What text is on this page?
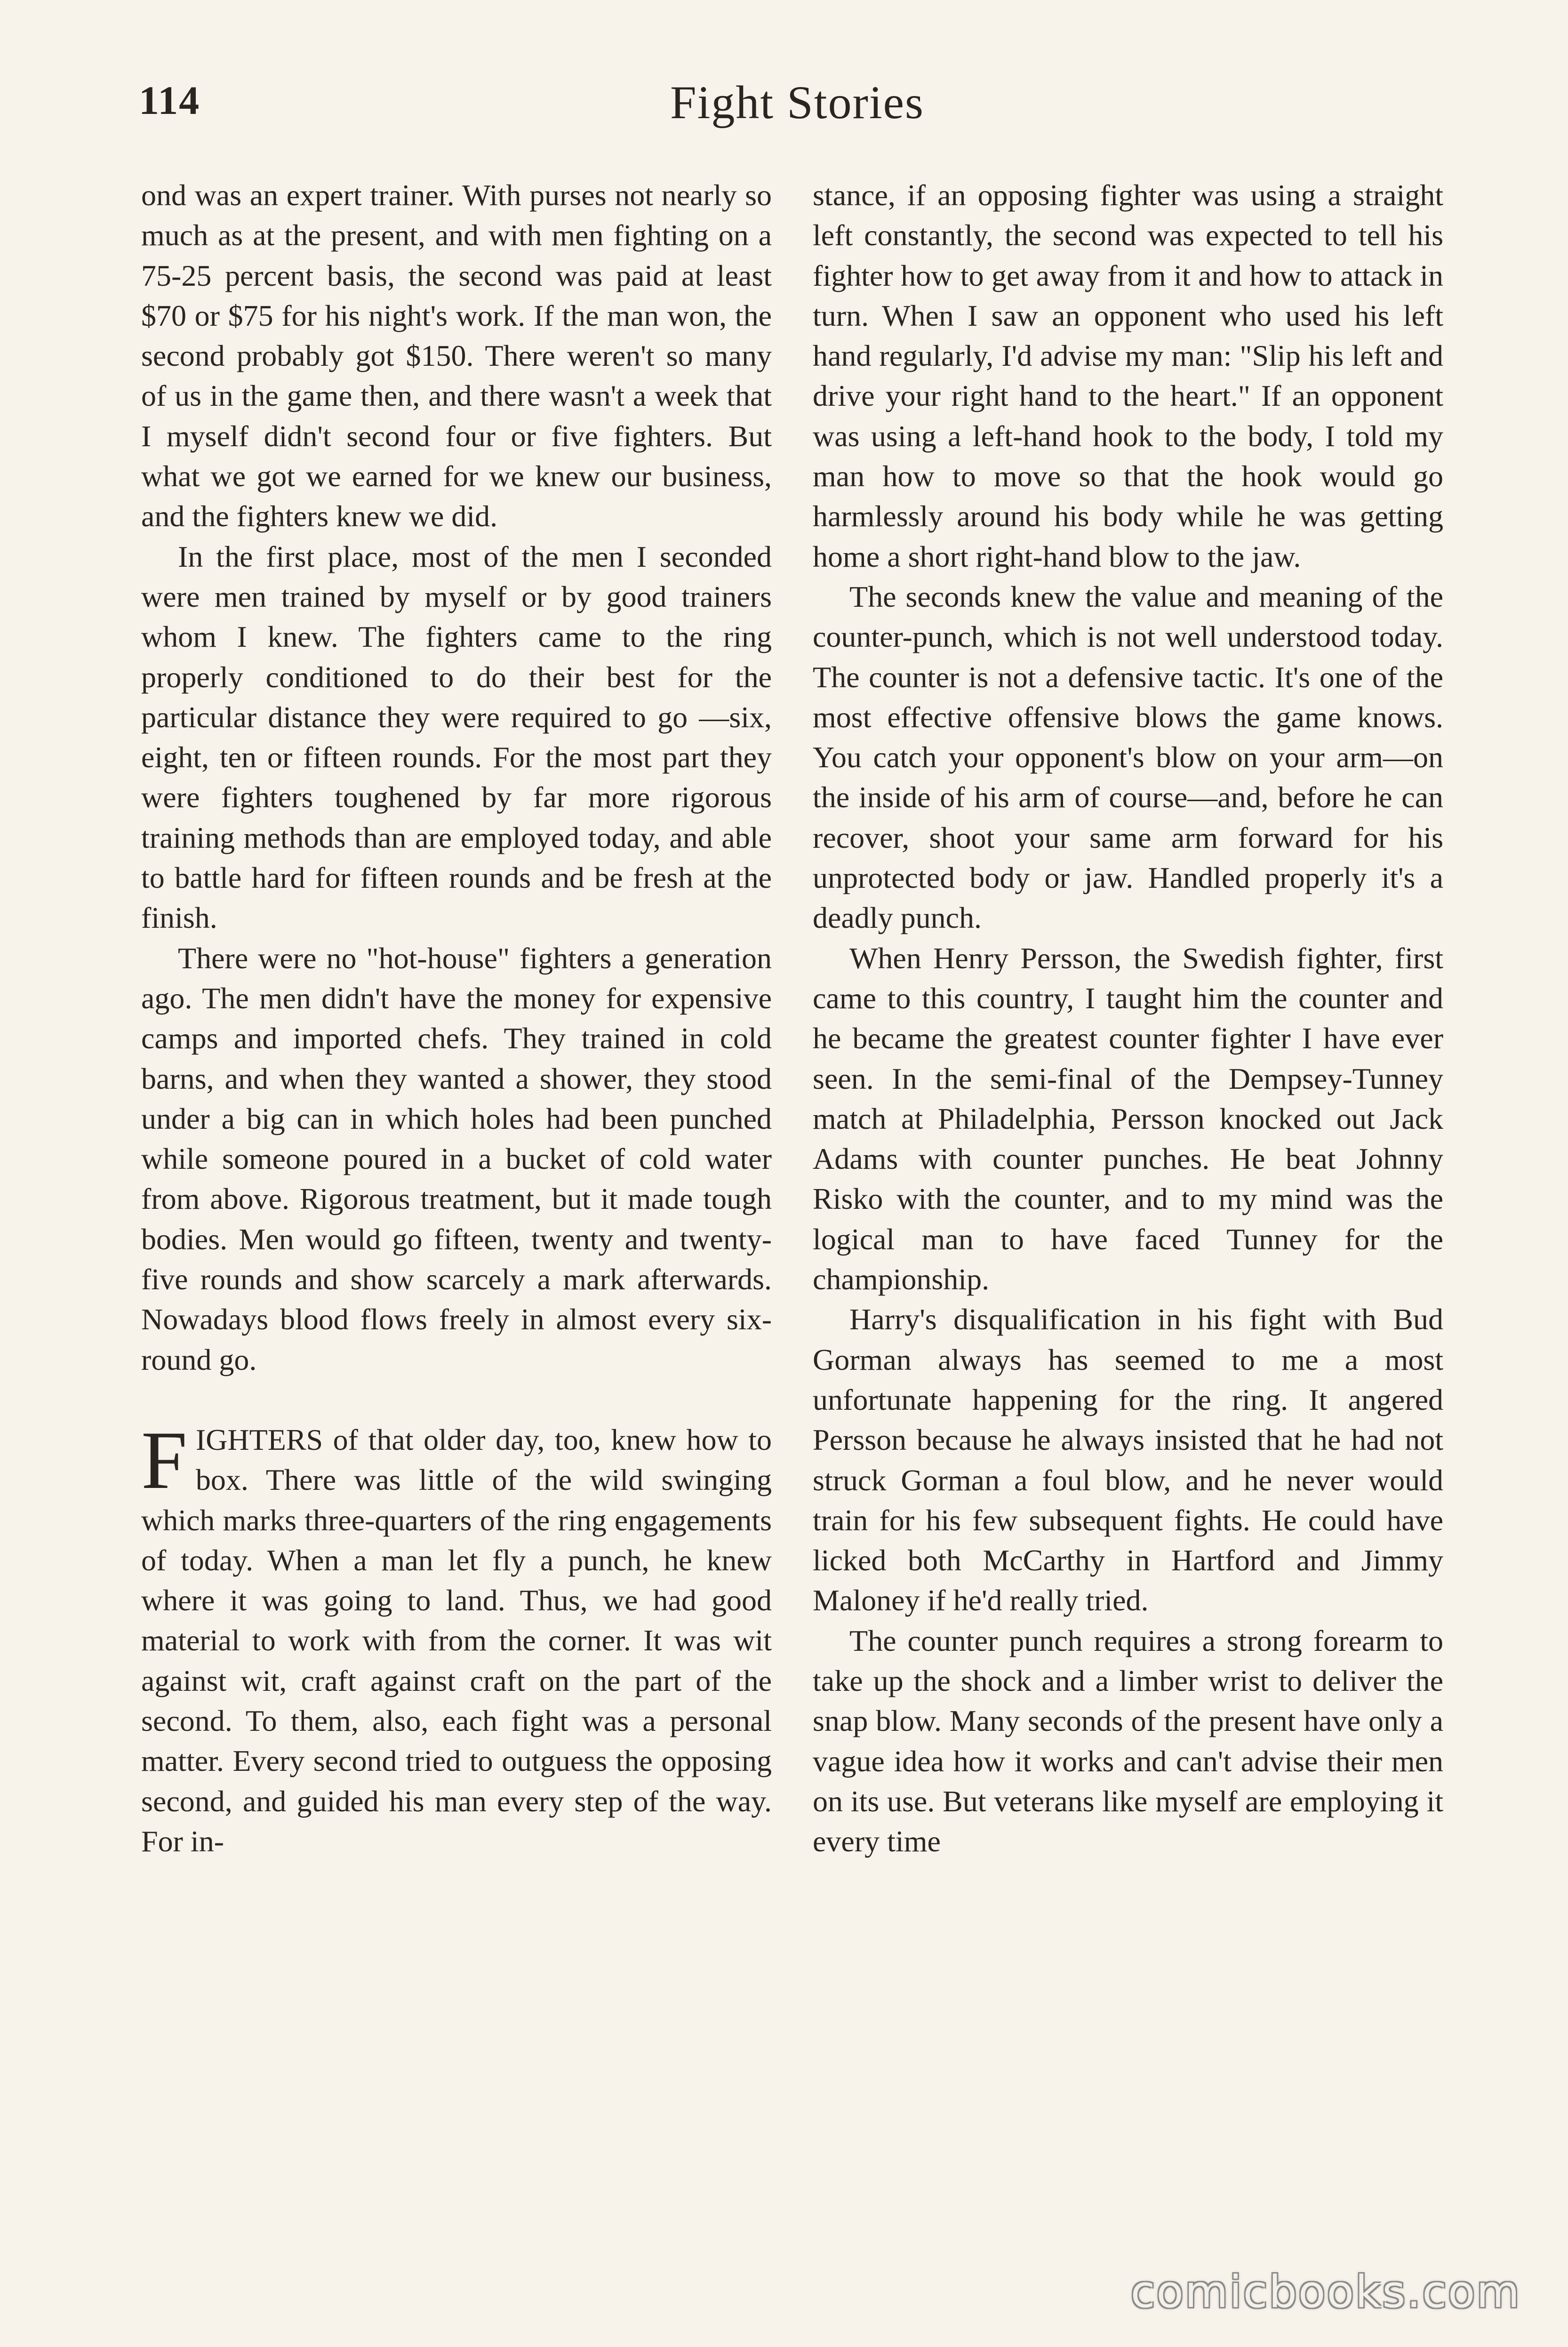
114	Fight Stories

ond was an expert trainer. With purses not nearly so much as at the present, and with men fighting on a 75-25 percent basis, the second was paid at least $70 or $75 for his night's work. If the man won, the second probably got $150. There weren't so many of us in the game then, and there wasn't a week that I myself didn't second four or five fighters. But what we got we earned for we knew our business, and the fighters knew we did.

In the first place, most of the men I seconded were men trained by myself or by good trainers whom I knew. The fighters came to the ring properly conditioned to do their best for the particular distance they were required to go —six, eight, ten or fifteen rounds. For the most part they were fighters toughened by far more rigorous training methods than are employed today, and able to battle hard for fifteen rounds and be fresh at the finish.

There were no "hot-house" fighters a generation ago. The men didn't have the money for expensive camps and imported chefs. They trained in cold barns, and when they wanted a shower, they stood under a big can in which holes had been punched while someone poured in a bucket of cold water from above. Rigorous treatment, but it made tough bodies. Men would go fifteen, twenty and twenty-five rounds and show scarcely a mark afterwards. Nowadays blood flows freely in almost every six-round go.

FIGHTERS of that older day, too, knew how to box. There was little of the wild swinging which marks three-quarters of the ring engagements of today. When a man let fly a punch, he knew where it was going to land. Thus, we had good material to work with from the corner. It was wit against wit, craft against craft on the part of the second. To them, also, each fight was a personal matter. Every second tried to outguess the opposing second, and guided his man every step of the way. For in-

stance, if an opposing fighter was using a straight left constantly, the second was expected to tell his fighter how to get away from it and how to attack in turn. When I saw an opponent who used his left hand regularly, I'd advise my man: "Slip his left and drive your right hand to the heart." If an opponent was using a left-hand hook to the body, I told my man how to move so that the hook would go harmlessly around his body while he was getting home a short right-hand blow to the jaw.

The seconds knew the value and meaning of the counter-punch, which is not well understood today. The counter is not a defensive tactic. It's one of the most effective offensive blows the game knows. You catch your opponent's blow on your arm—on the inside of his arm of course—and, before he can recover, shoot your same arm forward for his unprotected body or jaw. Handled properly it's a deadly punch.

When Henry Persson, the Swedish fighter, first came to this country, I taught him the counter and he became the greatest counter fighter I have ever seen. In the semi-final of the Dempsey-Tunney match at Philadelphia, Persson knocked out Jack Adams with counter punches. He beat Johnny Risko with the counter, and to my mind was the logical man to have faced Tunney for the championship.

Harry's disqualification in his fight with Bud Gorman always has seemed to me a most unfortunate happening for the ring. It angered Persson because he always insisted that he had not struck Gorman a foul blow, and he never would train for his few subsequent fights. He could have licked both McCarthy in Hartford and Jimmy Maloney if he'd really tried.

The counter punch requires a strong forearm to take up the shock and a limber wrist to deliver the snap blow. Many seconds of the present have only a vague idea how it works and can't advise their men on its use. But veterans like myself are employing it every time

comicbooks.com
